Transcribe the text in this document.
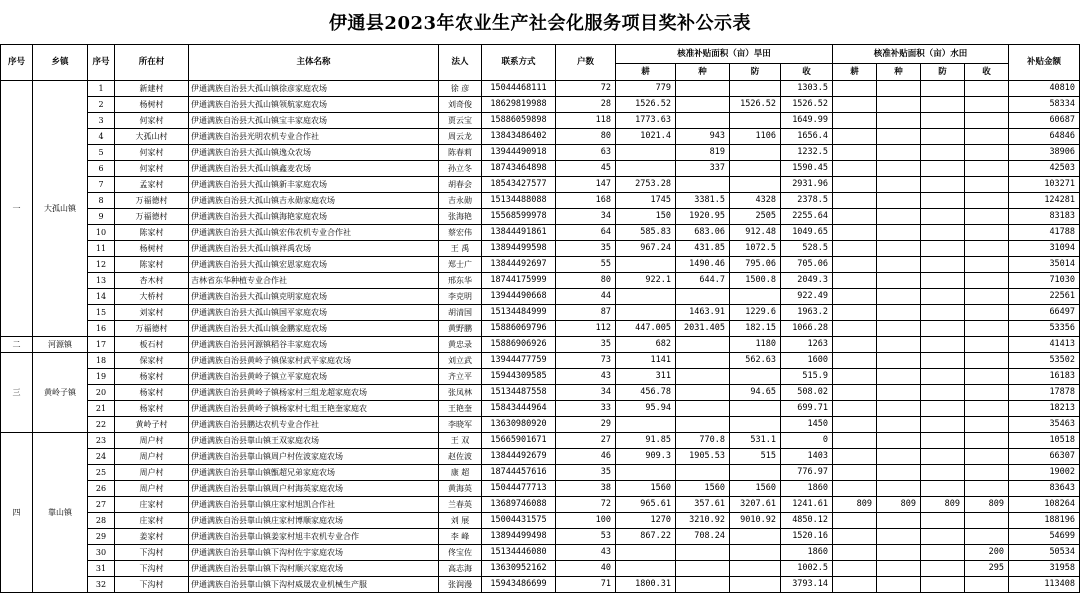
伊通县2023年农业生产社会化服务项目奖补公示表
序号	乡镇	序号	所在村	主体名称	法人	联系方式	户数	核准补贴面积（亩）旱田				核准补贴面积（亩）水田				补贴金额
								耕	种	防	收	耕	种	防	收	
一	大孤山镇	1	新建村	伊通满族自治县大孤山镇徐彦家庭农场	徐 彦	15044468111	72	779			1303.5					40810
		2	杨树村	伊通满族自治县大孤山镇领航家庭农场	刘奇俊	18629819988	28	1526.52		1526.52	1526.52					58334
		3	何家村	伊通满族自治县大孤山镇宝丰家庭农场	贾云宝	15886059898	118	1773.63			1649.99					60687
		4	大孤山村	伊通满族自治县光明农机专业合作社	周云龙	13843486402	80	1021.4	943	1106	1656.4					64846
		5	何家村	伊通满族自治县大孤山镇逸众农场	陈春莉	13944490918	63		819		1232.5					38906
		6	何家村	伊通满族自治县大孤山镇鑫麦农场	孙立冬	18743464898	45		337		1590.45					42503
		7	孟家村	伊通满族自治县大孤山镇新丰家庭农场	胡春会	18543427577	147	2753.28			2931.96					103271
		8	万福德村	伊通满族自治县大孤山镇吉永勋家庭农场	吉永勋	15134488088	168	1745	3381.5	4328	2378.5					124281
		9	万福德村	伊通满族自治县大孤山镇海艳家庭农场	张海艳	15568599978	34	150	1920.95	2505	2255.64					83183
		10	陈家村	伊通满族自治县大孤山镇宏伟农机专业合作社	蔡宏伟	13844491861	64	585.83	683.06	912.48	1049.65					41788
		11	杨树村	伊通满族自治县大孤山镇祥禹农场	王 禹	13894499598	35	967.24	431.85	1072.5	528.5					31094
		12	陈家村	伊通满族自治县大孤山镇宏恩家庭农场	郑士广	13844492697	55		1490.46	795.06	705.06					35014
		13	杏木村	吉林省东华种植专业合作社	邢东华	18744175999	80	922.1	644.7	1500.8	2049.3					71030
		14	大桥村	伊通满族自治县大孤山镇克明家庭农场	李克明	13944490668	44				922.49					22561
		15	刘家村	伊通满族自治县大孤山镇国平家庭农场	胡清国	15134484999	87		1463.91	1229.6	1963.2					66497
		16	万福德村	伊通满族自治县大孤山镇金鹏家庭农场	黄野鹏	15886069796	112	447.005	2031.405	182.15	1066.28					53356
二	河源镇	17	板石村	伊通满族自治县河源镇稻谷丰家庭农场	黄忠录	15886906926	35	682		1180	1263					41413
三	黄岭子镇	18	保家村	伊通满族自治县黄岭子镇保家村武平家庭农场	刘立武	13944477759	73	1141		562.63	1600					53502
		19	杨家村	伊通满族自治县黄岭子镇立平家庭农场	齐立平	15944309585	43	311			515.9					16183
		20	杨家村	伊通满族自治县黄岭子镇杨家村三组龙超家庭农场	张凤林	15134487558	34	456.78		94.65	508.02					17878
		21	杨家村	伊通满族自治县黄岭子镇杨家村七组王艳奎家庭农	王艳奎	15843444964	33	95.94			699.71					18213
		22	黄岭子村	伊通满族自治县鹏达农机专业合作社	李晓军	13630980920	29				1450					35463
四	靠山镇	23	周户村	伊通满族自治县靠山镇王双家庭农场	王 双	15665901671	27	91.85	770.8	531.1	0					10518
		24	周户村	伊通满族自治县靠山镇周户村佐波家庭农场	赵佐波	13844492679	46	909.3	1905.53	515	1403					66307
		25	周户村	伊通满族自治县靠山镇甑超兄弟家庭农场	康 超	18744457616	35				776.97					19002
		26	周户村	伊通满族自治县靠山镇周户村海英家庭农场	黄海英	15044477713	38	1560	1560	1560	1860					83643
		27	庄家村	伊通满族自治县靠山镇庄家村旭凯合作社	兰春英	13689746088	72	965.61	357.61	3207.61	1241.61	809	809	809	809	108264
		28	庄家村	伊通满族自治县靠山镇庄家村博顺家庭农场	刘 展	15004431575	100	1270	3210.92	9010.92	4850.12					188196
		29	姜家村	伊通满族自治县靠山镇姜家村旭丰农机专业合作	李 峰	13894499498	53	867.22	708.24		1520.16					54699
		30	下沟村	伊通满族自治县靠山镇下沟村佐宇家庭农场	佟宝佐	15134446080	43				1860				200	50534
		31	下沟村	伊通满族自治县靠山镇下沟村顺兴家庭农场	高志海	13630952162	40				1002.5				295	31958
		32	下沟村	伊通满族自治县靠山镇下沟村威晟农业机械生产服	张润漫	15943486699	71	1800.31			3793.14					113408
